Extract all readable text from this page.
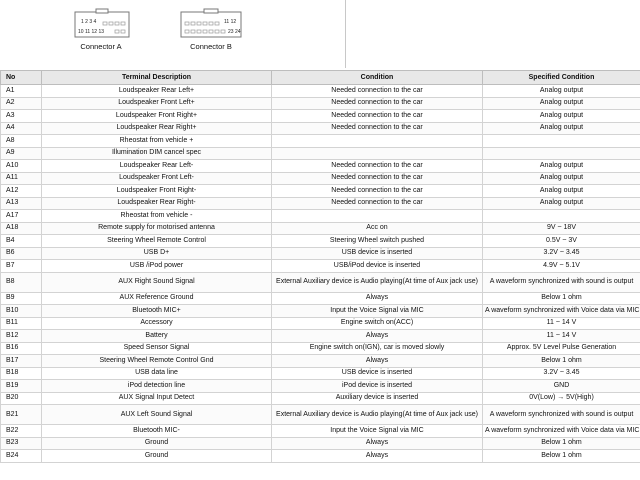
1 2 3 4
10 11 12 13
Connector A
11 12
23 24
Connector B
No	Terminal Description	Condition	Specified Condition
A1	Loudspeaker Rear Left+	Needed connection to the car	Analog output
A2	Loudspeaker Front Left+	Needed connection to the car	Analog output
A3	Loudspeaker Front Right+	Needed connection to the car	Analog output
A4	Loudspeaker Rear Right+	Needed connection to the car	Analog output
A8	Rheostat from vehicle +		
A9	Illumination DIM cancel spec		
A10	Loudspeaker Rear Left-	Needed connection to the car	Analog output
A11	Loudspeaker Front Left-	Needed connection to the car	Analog output
A12	Loudspeaker Front Right-	Needed connection to the car	Analog output
A13	Loudspeaker Rear Right-	Needed connection to the car	Analog output
A17	Rheostat from vehicle -		
A18	Remote supply for motorised antenna	Acc on	9V ~ 18V
B4	Steering Wheel Remote Control	Steering Wheel switch pushed	0.5V ~ 3V
B6	USB D+	USB device is inserted	3.2V ~ 3.45
B7	USB /iPod power	USB/iPod device is inserted	4.9V ~ 5.1V
B8	AUX Right Sound Signal	External Auxiliary device is Audio playing(At time of Aux jack use)	A waveform synchronized with sound is output
B9	AUX Reference Ground	Always	Below 1 ohm
B10	Bluetooth MIC+	Input the Voice Signal via MIC	A waveform synchronized with Voice data via MIC
B11	Accessory	Engine switch on(ACC)	11 ~ 14 V
B12	Battery	Always	11 ~ 14 V
B16	Speed Sensor Signal	Engine switch on(IGN), car is moved slowly	Approx. 5V Level Pulse Generation
B17	Steering Wheel Remote Control Gnd	Always	Below 1 ohm
B18	USB data line	USB device is inserted	3.2V ~ 3.45
B19	iPod detection line	iPod device is inserted	GND
B20	AUX Signal Input Detect	Auxiliary device is inserted	0V(Low) → 5V(High)
B21	AUX Left Sound Signal	External Auxiliary device is Audio playing(At time of Aux jack use)	A waveform synchronized with sound is output
B22	Bluetooth MIC-	Input the Voice Signal via MIC	A waveform synchronized with Voice data via MIC
B23	Ground	Always	Below 1 ohm
B24	Ground	Always	Below 1 ohm
